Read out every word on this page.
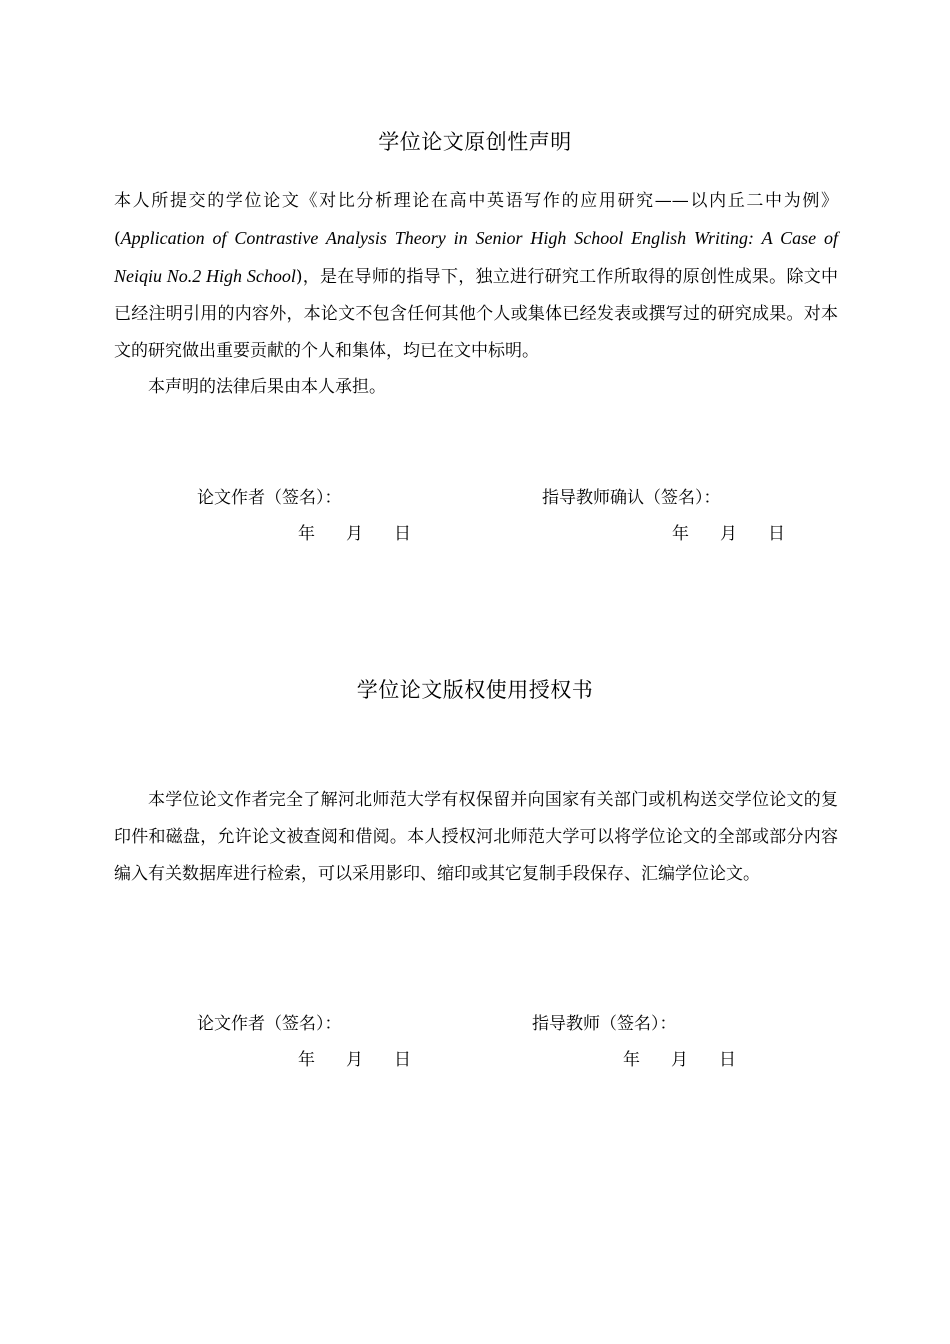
学位论文原创性声明

本人所提交的学位论文《对比分析理论在高中英语写作的应用研究——以内丘二中为例》(Application of Contrastive Analysis Theory in Senior High School English Writing: A Case of Neiqiu No.2 High School)，是在导师的指导下，独立进行研究工作所取得的原创性成果。除文中已经注明引用的内容外，本论文不包含任何其他个人或集体已经发表或撰写过的研究成果。对本文的研究做出重要贡献的个人和集体，均已在文中标明。

本声明的法律后果由本人承担。

论文作者（签名）：	指导教师确认（签名）：
年 月 日	年 月 日
学位论文版权使用授权书

本学位论文作者完全了解河北师范大学有权保留并向国家有关部门或机构送交学位论文的复印件和磁盘，允许论文被查阅和借阅。本人授权河北师范大学可以将学位论文的全部或部分内容编入有关数据库进行检索，可以采用影印、缩印或其它复制手段保存、汇编学位论文。

论文作者（签名）：	指导教师（签名）：
年 月 日	年 月 日
